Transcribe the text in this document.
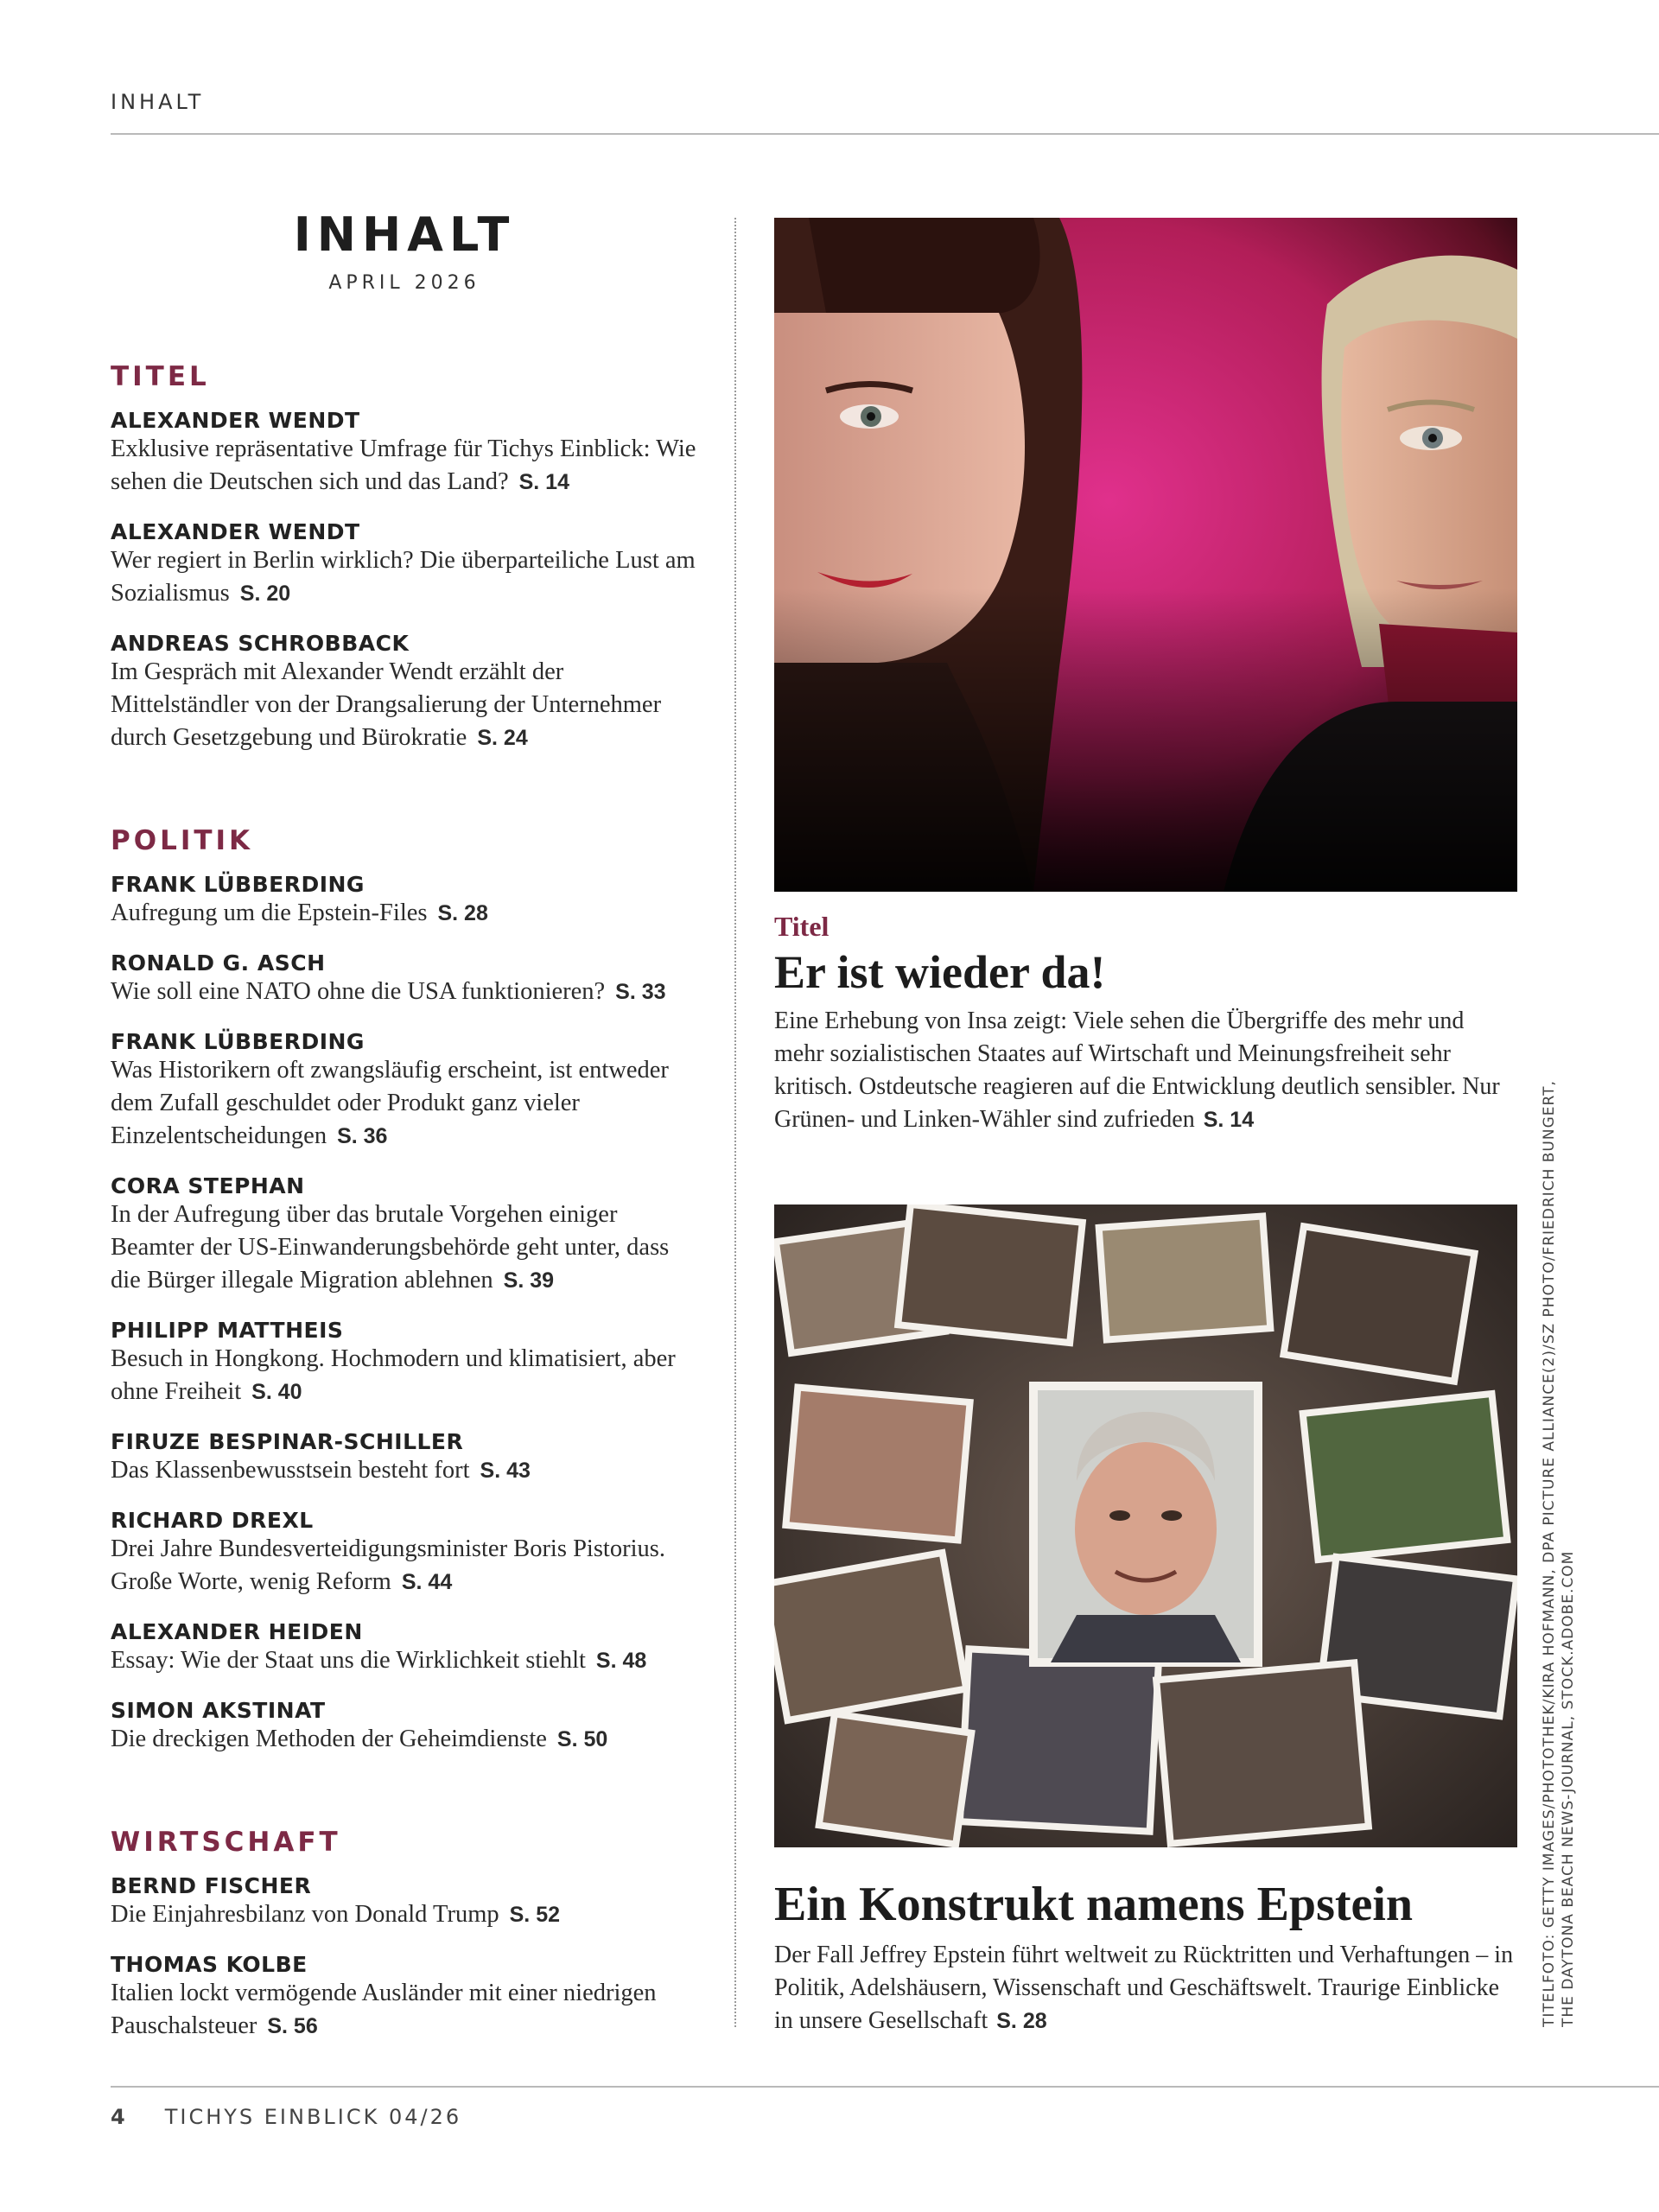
INHALT
INHALT
APRIL 2026
TITEL

ALEXANDER WENDT

Exklusive repräsentative Umfrage für Tichys Einblick: Wie sehen die Deutschen sich und das Land? S. 14

ALEXANDER WENDT

Wer regiert in Berlin wirklich? Die überparteiliche Lust am Sozialismus S. 20

ANDREAS SCHROBBACK

Im Gespräch mit Alexander Wendt erzählt der Mittelständler von der Drangsalierung der Unternehmer durch Gesetzgebung und Bürokratie S. 24

POLITIK

FRANK LÜBBERDING

Aufregung um die Epstein-Files S. 28

RONALD G. ASCH

Wie soll eine NATO ohne die USA funktionieren? S. 33

FRANK LÜBBERDING

Was Historikern oft zwangsläufig erscheint, ist entweder dem Zufall geschuldet oder Produkt ganz vieler Einzelentscheidungen S. 36

CORA STEPHAN

In der Aufregung über das brutale Vorgehen einiger Beamter der US-Einwanderungsbehörde geht unter, dass die Bürger illegale Migration ablehnen S. 39

PHILIPP MATTHEIS

Besuch in Hongkong. Hochmodern und klimatisiert, aber ohne Freiheit S. 40

FIRUZE BESPINAR-SCHILLER

Das Klassenbewusstsein besteht fort S. 43

RICHARD DREXL

Drei Jahre Bundesverteidigungsminister Boris Pistorius. Große Worte, wenig Reform S. 44

ALEXANDER HEIDEN

Essay: Wie der Staat uns die Wirklichkeit stiehlt S. 48

SIMON AKSTINAT

Die dreckigen Methoden der Geheimdienste S. 50

WIRTSCHAFT

BERND FISCHER

Die Einjahresbilanz von Donald Trump S. 52

THOMAS KOLBE

Italien lockt vermögende Ausländer mit einer niedrigen Pauschalsteuer S. 56

Titel
Er ist wieder da!

Eine Erhebung von Insa zeigt: Viele sehen die Übergriffe des mehr und mehr sozialistischen Staates auf Wirtschaft und Meinungsfreiheit sehr kritisch. Ostdeutsche reagieren auf die Entwicklung deutlich sensibler. Nur Grünen- und Linken-Wähler sind zufrieden S. 14

Ein Konstrukt namens Epstein

Der Fall Jeffrey Epstein führt weltweit zu Rücktritten und Verhaftungen – in Politik, Adelshäusern, Wissenschaft und Geschäftswelt. Traurige Einblicke in unsere Gesellschaft S. 28	TITELFOTO: GETTY IMAGES/PHOTOTHEK/KIRA HOFMANN, DPA PICTURE ALLIANCE(2)/SZ PHOTO/FRIEDRICH BUNGERT, THE DAYTONA BEACH NEWS-JOURNAL, STOCK.ADOBE.COM
4 TICHYS EINBLICK 04/26
